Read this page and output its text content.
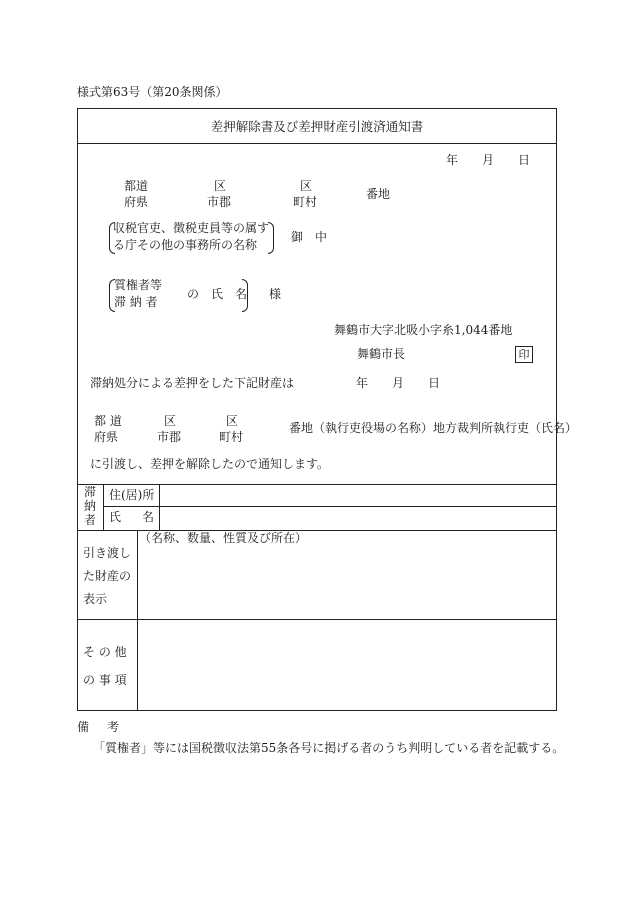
様式第63号（第20条関係）
差押解除書及び差押財産引渡済通知書
年 月 日
都道
府県
区
市郡
区
町村
番地
収税官吏、徴税吏員等の属す
る庁その他の事務所の名称
御　中
質権者等
滞 納 者
の　氏　名 様
舞鶴市大字北吸小字糸1,044番地
舞鶴市長	印
滞納処分による差押をした下記財産は	年 月 日
都 道
府県
区
市郡
区
町村
番地（執行吏役場の名称）地方裁判所執行吏（氏名）
に引渡し、差押を解除したので通知します。
滞納者
住(居)所
氏 名
引き渡し
た財産の
表示
（名称、数量、性質及び所在）
そ の 他
の 事 項
備 考
「質権者」等には国税徴収法第55条各号に掲げる者のうち判明している者を記載する。
